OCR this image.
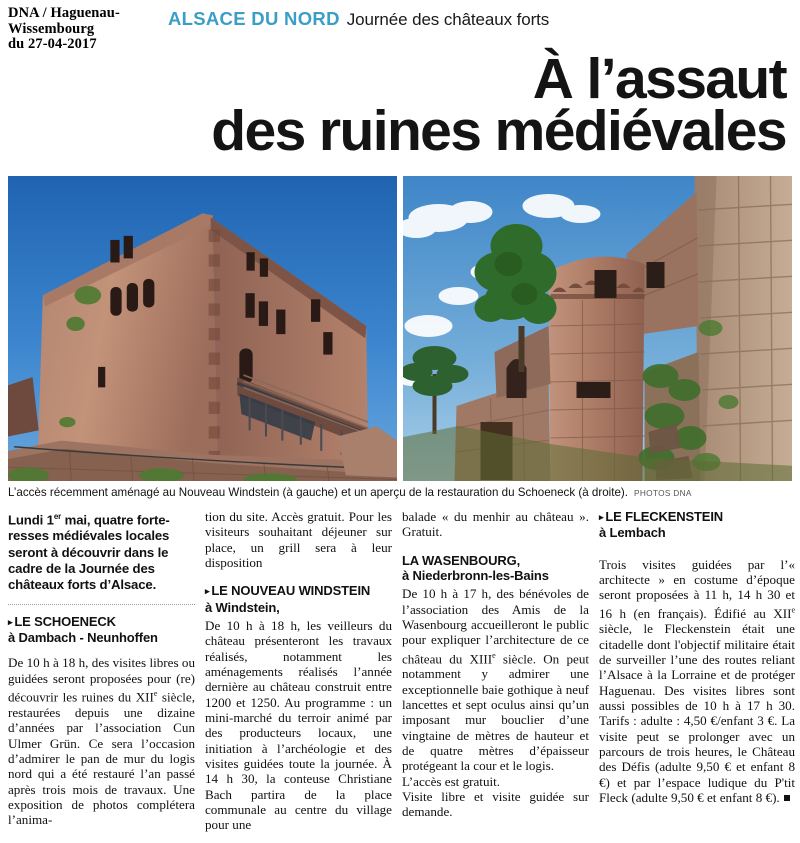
DNA / Haguenau-Wissembourg
du 27-04-2017
ALSACE DU NORD Journée des châteaux forts
À l’assaut
des ruines médiévales
L’accès récemment aménagé au Nouveau Windstein (à gauche) et un aperçu de la restauration du Schoeneck (à droite). PHOTOS DNA
Lundi 1er mai, quatre forteresses médiévales locales seront à découvrir dans le cadre de la Journée des châteaux forts d’Alsace.
▸ LE SCHOENECK
à Dambach - Neunhoffen

De 10 h à 18 h, des visites libres ou guidées seront proposées pour (re) découvrir les ruines du XIIe siècle, restaurées depuis une dizaine d’années par l’association Cun Ulmer Grün. Ce sera l’occasion d’admirer le pan de mur du logis nord qui a été restauré l’an passé après trois mois de travaux. Une exposition de photos complétera l’anima-

tion du site. Accès gratuit. Pour les visiteurs souhaitant déjeuner sur place, un grill sera à leur disposition

▸ LE NOUVEAU WINDSTEIN
à Windstein,

De 10 h à 18 h, les veilleurs du château présenteront les travaux réalisés, notamment les aménagements réalisés l’année dernière au château construit entre 1200 et 1250. Au programme : un mini-marché du terroir animé par des producteurs locaux, une initiation à l’archéologie et des visites guidées toute la journée. À 14 h 30, la conteuse Christiane Bach partira de la place communale au centre du village pour une

balade « du menhir au château ». Gratuit.

LA WASENBOURG,
à Niederbronn-les-Bains

De 10 h à 17 h, des bénévoles de l’association des Amis de la Wasenbourg accueilleront le public pour expliquer l’architecture de ce château du XIIIe siècle. On peut notamment y admirer une exceptionnelle baie gothique à neuf lancettes et sept oculus ainsi qu’un imposant mur bouclier d’une vingtaine de mètres de hauteur et de quatre mètres d’épaisseur protégeant la cour et le logis.

L’accès est gratuit.

Visite libre et visite guidée sur demande.

▸ LE FLECKENSTEIN
à Lembach

Trois visites guidées par l’« architecte » en costume d’époque seront proposées à 11 h, 14 h 30 et 16 h (en français). Édifié au XIIe siècle, le Fleckenstein était une citadelle dont l'objectif militaire était de surveiller l’une des routes reliant l’Alsace à la Lorraine et de protéger Haguenau. Des visites libres sont aussi possibles de 10 h à 17 h 30. Tarifs : adulte : 4,50 €/enfant 3 €. La visite peut se prolonger avec un parcours de trois heures, le Château des Défis (adulte 9,50 € et enfant 8 €) et par l’espace ludique du P'tit Fleck (adulte 9,50 € et enfant 8 €).
